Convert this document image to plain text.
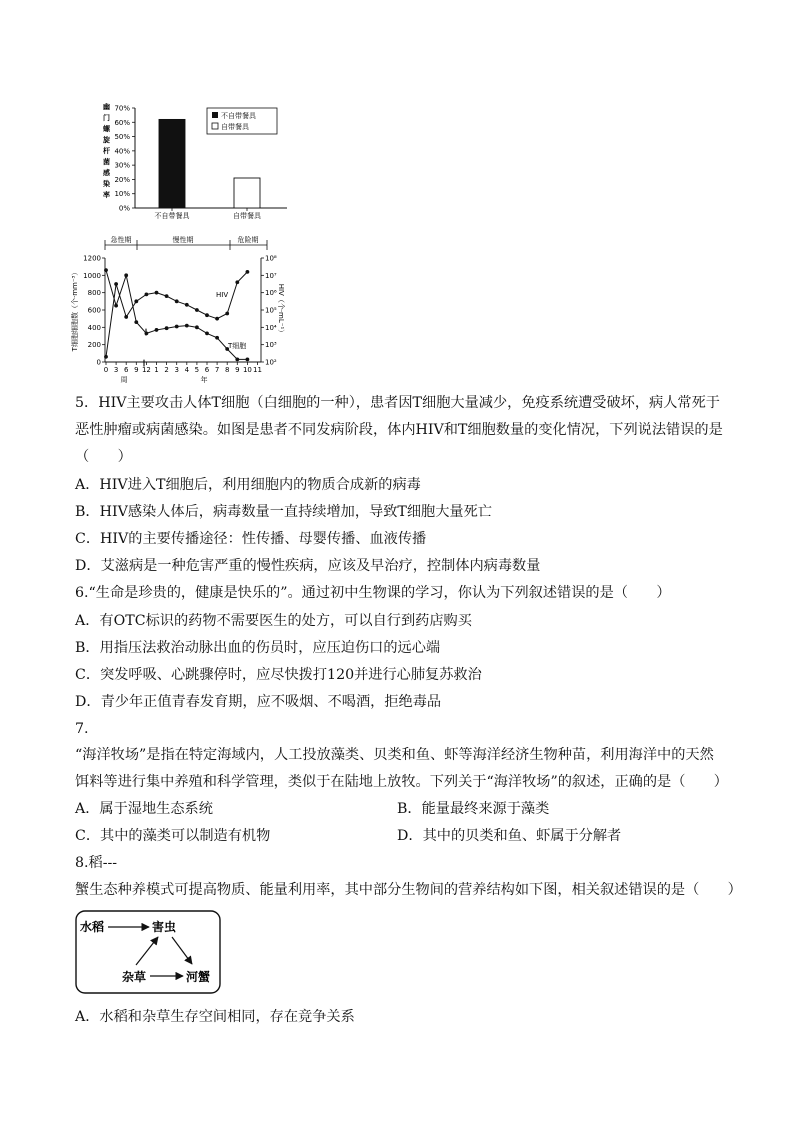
幽
门
螺
旋
杆
菌
感
染
率
70%
60%
50%
40%
30%
20%
10%
0%
不自带餐具	自带餐具
不自带餐具
自带餐具
急性期	慢性期	危险期
T细胞细胞数（个·mm⁻³）	HIV（个·mL⁻¹）
1200
1000
800
600
400
200
0
10⁸
10⁷
10⁶
10⁵
10⁴
10³
10²
0 3 6 9 12 1 2 3 4 5 6 7 8 9 10 11
∥
周	年
HIV
T细胞
5．HIV主要攻击人体T细胞（白细胞的一种），患者因T细胞大量减少，免疫系统遭受破坏，病人常死于
恶性肿瘤或病菌感染。如图是患者不同发病阶段，体内HIV和T细胞数量的变化情况，下列说法错误的是
（　　）
A．HIV进入T细胞后，利用细胞内的物质合成新的病毒
B．HIV感染人体后，病毒数量一直持续增加，导致T细胞大量死亡
C．HIV的主要传播途径：性传播、母婴传播、血液传播
D．艾滋病是一种危害严重的慢性疾病，应该及早治疗，控制体内病毒数量
6.“生命是珍贵的，健康是快乐的”。通过初中生物课的学习，你认为下列叙述错误的是（　　）
A．有OTC标识的药物不需要医生的处方，可以自行到药店购买
B．用指压法救治动脉出血的伤员时，应压迫伤口的远心端
C．突发呼吸、心跳骤停时，应尽快拨打120并进行心肺复苏救治
D．青少年正值青春发育期，应不吸烟、不喝酒，拒绝毒品
7.
“海洋牧场”是指在特定海域内，人工投放藻类、贝类和鱼、虾等海洋经济生物种苗，利用海洋中的天然
饵料等进行集中养殖和科学管理，类似于在陆地上放牧。下列关于“海洋牧场”的叙述，正确的是（　　）
A．属于湿地生态系统	B．能量最终来源于藻类
C．其中的藻类可以制造有机物	D．其中的贝类和鱼、虾属于分解者
8.稻---
蟹生态种养模式可提高物质、能量利用率，其中部分生物间的营养结构如下图，相关叙述错误的是（　　）
水稻	害虫
杂草	河蟹
A．水稻和杂草生存空间相同，存在竞争关系
